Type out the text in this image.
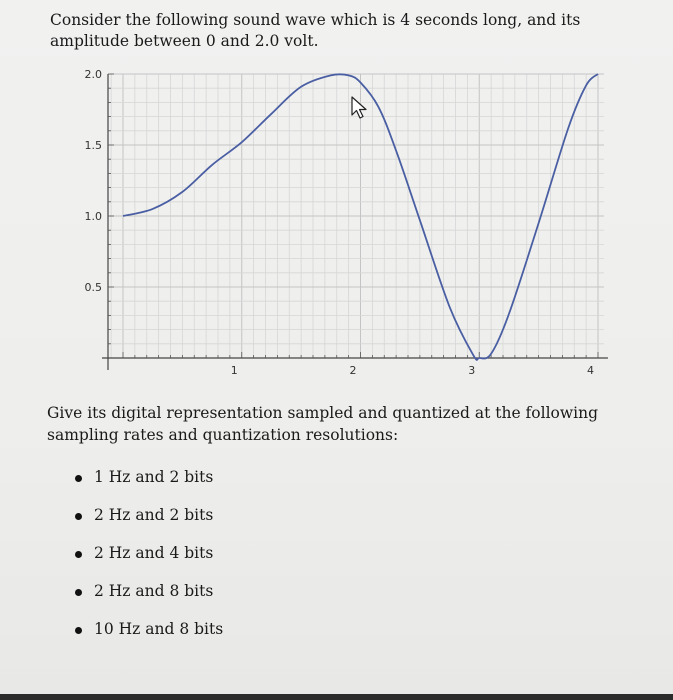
Consider the following sound wave which is 4 seconds long, and its amplitude between 0 and 2.0 volt.

0.5
1.0
1.5
2.0
1	2	3	4

Give its digital representation sampled and quantized at the following sampling rates and quantization resolutions:

1 Hz and 2 bits
2 Hz and 2 bits
2 Hz and 4 bits
2 Hz and 8 bits
10 Hz and 8 bits
